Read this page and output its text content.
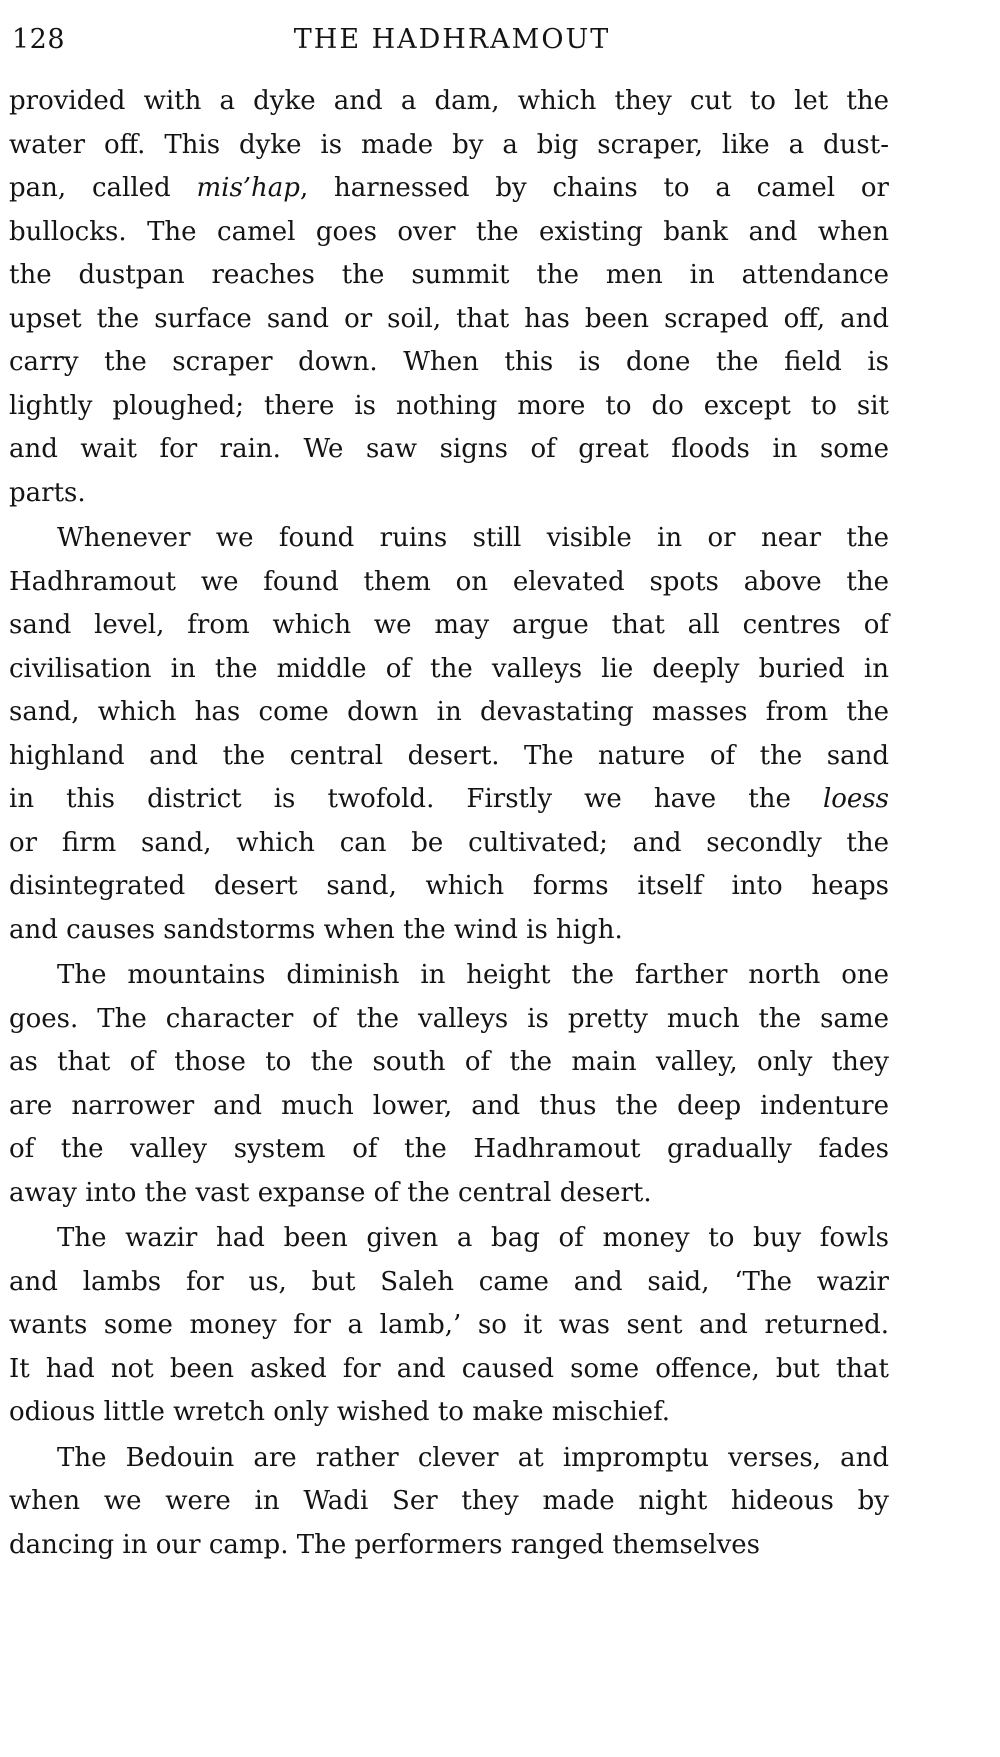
128	THE HADHRAMOUT
provided with a dyke and a dam, which they cut to let the
water off. This dyke is made by a big scraper, like a dust-
pan, called mis’hap, harnessed by chains to a camel or
bullocks. The camel goes over the existing bank and when
the dustpan reaches the summit the men in attendance
upset the surface sand or soil, that has been scraped off, and
carry the scraper down. When this is done the field is
lightly ploughed; there is nothing more to do except to sit
and wait for rain. We saw signs of great floods in some
parts.
Whenever we found ruins still visible in or near the
Hadhramout we found them on elevated spots above the
sand level, from which we may argue that all centres of
civilisation in the middle of the valleys lie deeply buried in
sand, which has come down in devastating masses from the
highland and the central desert. The nature of the sand
in this district is twofold. Firstly we have the loess
or firm sand, which can be cultivated; and secondly the
disintegrated desert sand, which forms itself into heaps
and causes sandstorms when the wind is high.
The mountains diminish in height the farther north one
goes. The character of the valleys is pretty much the same
as that of those to the south of the main valley, only they
are narrower and much lower, and thus the deep indenture
of the valley system of the Hadhramout gradually fades
away into the vast expanse of the central desert.
The wazir had been given a bag of money to buy fowls
and lambs for us, but Saleh came and said, ‘The wazir
wants some money for a lamb,’ so it was sent and returned.
It had not been asked for and caused some offence, but that
odious little wretch only wished to make mischief.
The Bedouin are rather clever at impromptu verses, and
when we were in Wadi Ser they made night hideous by
dancing in our camp. The performers ranged themselves
